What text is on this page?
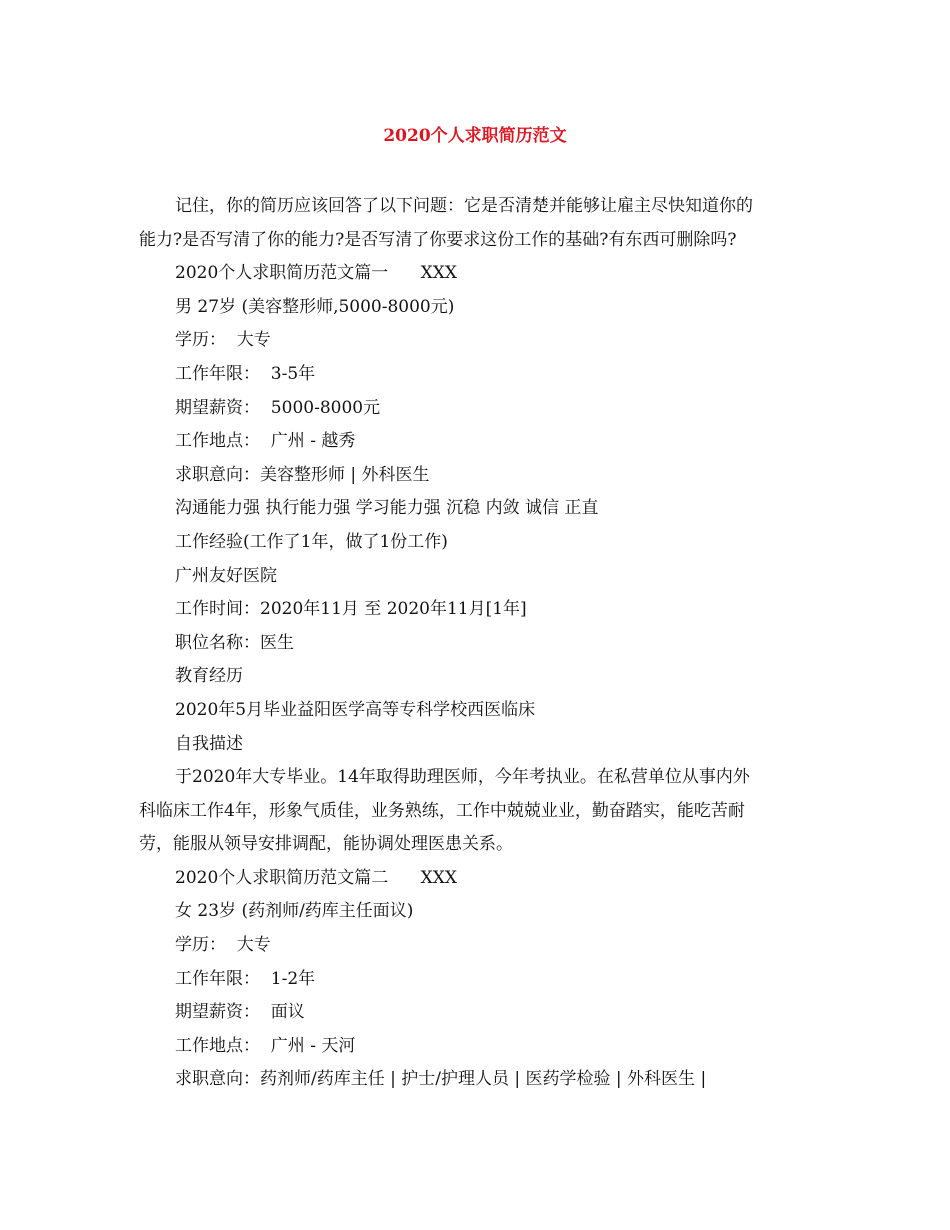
2020个人求职简历范文
记住，你的简历应该回答了以下问题：它是否清楚并能够让雇主尽快知道你的
能力?是否写清了你的能力?是否写清了你要求这份工作的基础?有东西可删除吗?
2020个人求职简历范文篇一      XXX
男 27岁 (美容整形师,5000-8000元)
学历：  大专
工作年限：  3-5年
期望薪资：  5000-8000元
工作地点：  广州 - 越秀
求职意向：美容整形师 | 外科医生
沟通能力强 执行能力强 学习能力强 沉稳 内敛 诚信 正直
工作经验(工作了1年，做了1份工作)
广州友好医院
工作时间：2020年11月 至 2020年11月[1年]
职位名称：医生
教育经历
2020年5月毕业益阳医学高等专科学校西医临床
自我描述
于2020年大专毕业。14年取得助理医师，今年考执业。在私营单位从事内外
科临床工作4年，形象气质佳，业务熟练，工作中兢兢业业，勤奋踏实，能吃苦耐
劳，能服从领导安排调配，能协调处理医患关系。
2020个人求职简历范文篇二      XXX
女 23岁 (药剂师/药库主任面议)
学历：  大专
工作年限：  1-2年
期望薪资：  面议
工作地点：  广州 - 天河
求职意向：药剂师/药库主任 | 护士/护理人员 | 医药学检验 | 外科医生 |
